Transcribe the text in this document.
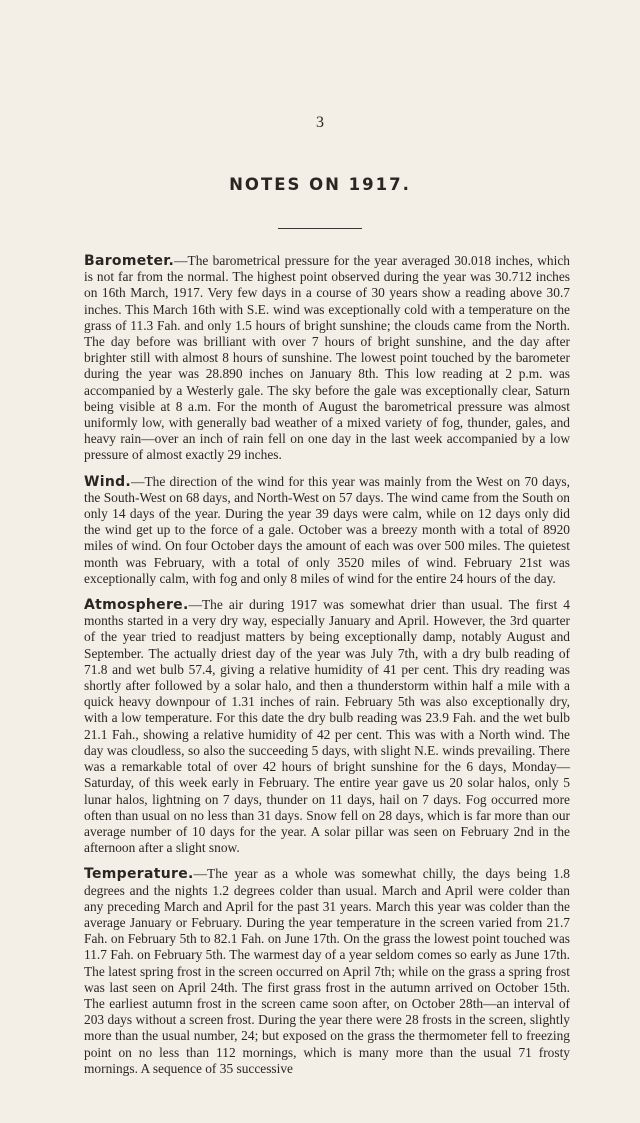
3
NOTES ON 1917.

Barometer.—The barometrical pressure for the year averaged 30.018 inches, which is not far from the normal. The highest point observed during the year was 30.712 inches on 16th March, 1917. Very few days in a course of 30 years show a reading above 30.7 inches. This March 16th with S.E. wind was exceptionally cold with a temperature on the grass of 11.3 Fah. and only 1.5 hours of bright sunshine; the clouds came from the North. The day before was brilliant with over 7 hours of bright sunshine, and the day after brighter still with almost 8 hours of sunshine. The lowest point touched by the barometer during the year was 28.890 inches on January 8th. This low reading at 2 p.m. was accompanied by a Westerly gale. The sky before the gale was exceptionally clear, Saturn being visible at 8 a.m. For the month of August the barometrical pressure was almost uniformly low, with generally bad weather of a mixed variety of fog, thunder, gales, and heavy rain—over an inch of rain fell on one day in the last week accompanied by a low pressure of almost exactly 29 inches.

Wind.—The direction of the wind for this year was mainly from the West on 70 days, the South-West on 68 days, and North-West on 57 days. The wind came from the South on only 14 days of the year. During the year 39 days were calm, while on 12 days only did the wind get up to the force of a gale. October was a breezy month with a total of 8920 miles of wind. On four October days the amount of each was over 500 miles. The quietest month was February, with a total of only 3520 miles of wind. February 21st was exceptionally calm, with fog and only 8 miles of wind for the entire 24 hours of the day.

Atmosphere.—The air during 1917 was somewhat drier than usual. The first 4 months started in a very dry way, especially January and April. However, the 3rd quarter of the year tried to readjust matters by being exceptionally damp, notably August and September. The actually driest day of the year was July 7th, with a dry bulb reading of 71.8 and wet bulb 57.4, giving a relative humidity of 41 per cent. This dry reading was shortly after followed by a solar halo, and then a thunderstorm within half a mile with a quick heavy downpour of 1.31 inches of rain. February 5th was also exceptionally dry, with a low temperature. For this date the dry bulb reading was 23.9 Fah. and the wet bulb 21.1 Fah., showing a relative humidity of 42 per cent. This was with a North wind. The day was cloudless, so also the succeeding 5 days, with slight N.E. winds prevailing. There was a remarkable total of over 42 hours of bright sunshine for the 6 days, Monday—Saturday, of this week early in February. The entire year gave us 20 solar halos, only 5 lunar halos, lightning on 7 days, thunder on 11 days, hail on 7 days. Fog occurred more often than usual on no less than 31 days. Snow fell on 28 days, which is far more than our average number of 10 days for the year. A solar pillar was seen on February 2nd in the afternoon after a slight snow.

Temperature.—The year as a whole was somewhat chilly, the days being 1.8 degrees and the nights 1.2 degrees colder than usual. March and April were colder than any preceding March and April for the past 31 years. March this year was colder than the average January or February. During the year temperature in the screen varied from 21.7 Fah. on February 5th to 82.1 Fah. on June 17th. On the grass the lowest point touched was 11.7 Fah. on February 5th. The warmest day of a year seldom comes so early as June 17th. The latest spring frost in the screen occurred on April 7th; while on the grass a spring frost was last seen on April 24th. The first grass frost in the autumn arrived on October 15th. The earliest autumn frost in the screen came soon after, on October 28th—an interval of 203 days without a screen frost. During the year there were 28 frosts in the screen, slightly more than the usual number, 24; but exposed on the grass the thermometer fell to freezing point on no less than 112 mornings, which is many more than the usual 71 frosty mornings. A sequence of 35 successive
